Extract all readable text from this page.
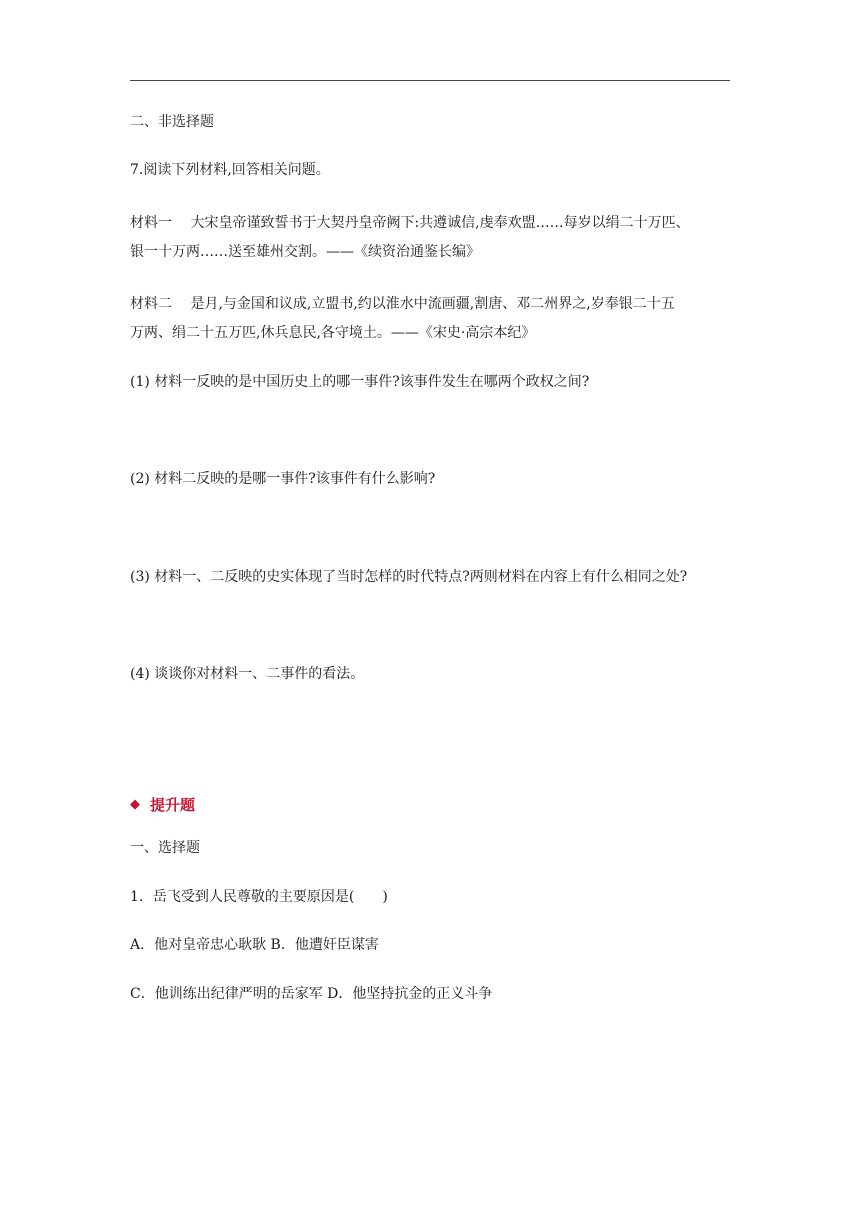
二、非选择题
7.阅读下列材料,回答相关问题。
材料一　 大宋皇帝谨致誓书于大契丹皇帝阙下:共遵诚信,虔奉欢盟……每岁以绢二十万匹、
银一十万两……送至雄州交割。——《续资治通鉴长编》
材料二　 是月,与金国和议成,立盟书,约以淮水中流画疆,割唐、邓二州界之,岁奉银二十五
万两、绢二十五万匹,休兵息民,各守境土。——《宋史·高宗本纪》
(1) 材料一反映的是中国历史上的哪一事件?该事件发生在哪两个政权之间?
(2) 材料二反映的是哪一事件?该事件有什么影响?
(3) 材料一、二反映的史实体现了当时怎样的时代特点?两则材料在内容上有什么相同之处?
(4) 谈谈你对材料一、二事件的看法。
◆ 提升题
一、选择题
1．岳飞受到人民尊敬的主要原因是(　　)
A．他对皇帝忠心耿耿 B．他遭奸臣谋害
C．他训练出纪律严明的岳家军 D．他坚持抗金的正义斗争
